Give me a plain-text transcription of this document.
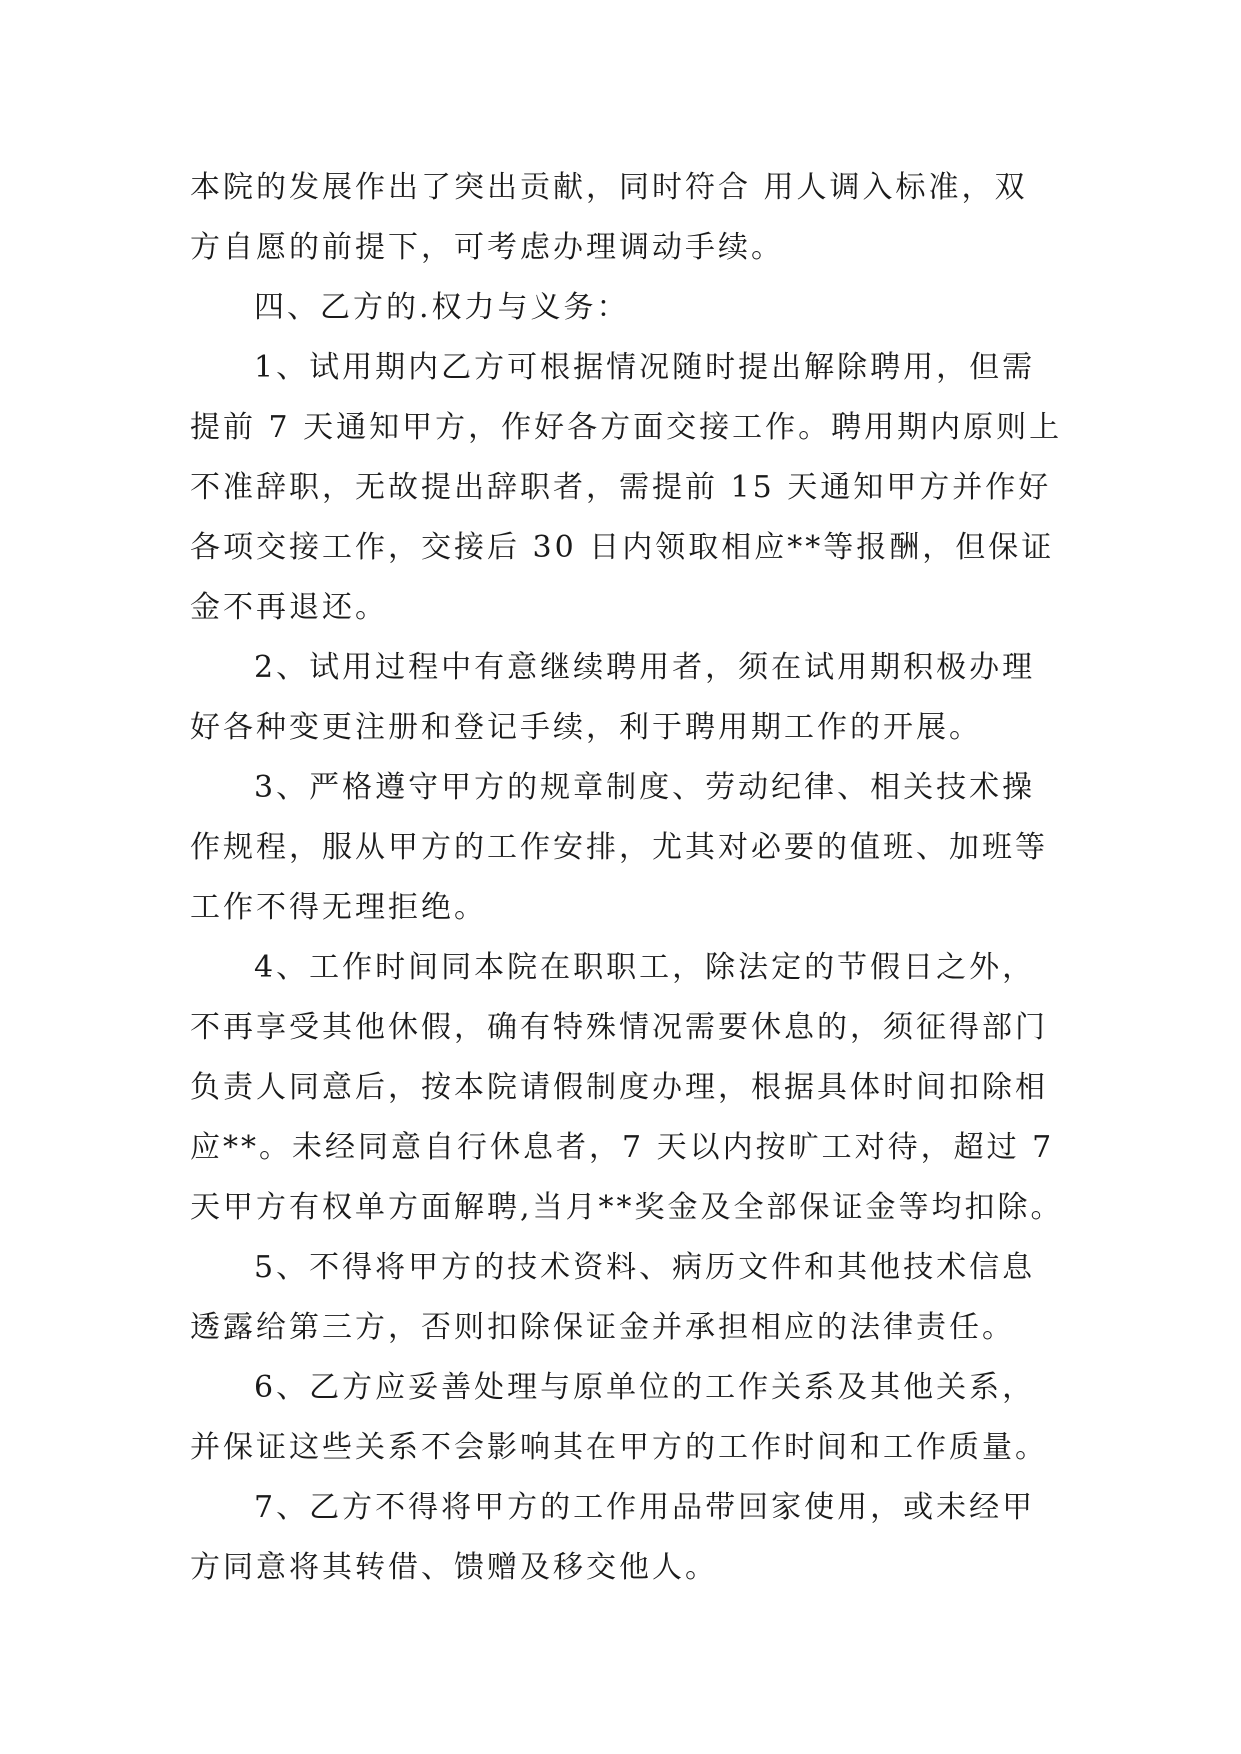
本院的发展作出了突出贡献，同时符合 用人调入标准，双
方自愿的前提下，可考虑办理调动手续。
四、乙方的.权力与义务：
1、试用期内乙方可根据情况随时提出解除聘用，但需
提前 7 天通知甲方，作好各方面交接工作。聘用期内原则上
不准辞职，无故提出辞职者，需提前 15 天通知甲方并作好
各项交接工作，交接后 30 日内领取相应**等报酬，但保证
金不再退还。
2、试用过程中有意继续聘用者，须在试用期积极办理
好各种变更注册和登记手续，利于聘用期工作的开展。
3、严格遵守甲方的规章制度、劳动纪律、相关技术操
作规程，服从甲方的工作安排，尤其对必要的值班、加班等
工作不得无理拒绝。
4、工作时间同本院在职职工，除法定的节假日之外，
不再享受其他休假，确有特殊情况需要休息的，须征得部门
负责人同意后，按本院请假制度办理，根据具体时间扣除相
应**。未经同意自行休息者，7 天以内按旷工对待，超过 7
天甲方有权单方面解聘,当月**奖金及全部保证金等均扣除。
5、不得将甲方的技术资料、病历文件和其他技术信息
透露给第三方，否则扣除保证金并承担相应的法律责任。
6、乙方应妥善处理与原单位的工作关系及其他关系，
并保证这些关系不会影响其在甲方的工作时间和工作质量。
7、乙方不得将甲方的工作用品带回家使用，或未经甲
方同意将其转借、馈赠及移交他人。
